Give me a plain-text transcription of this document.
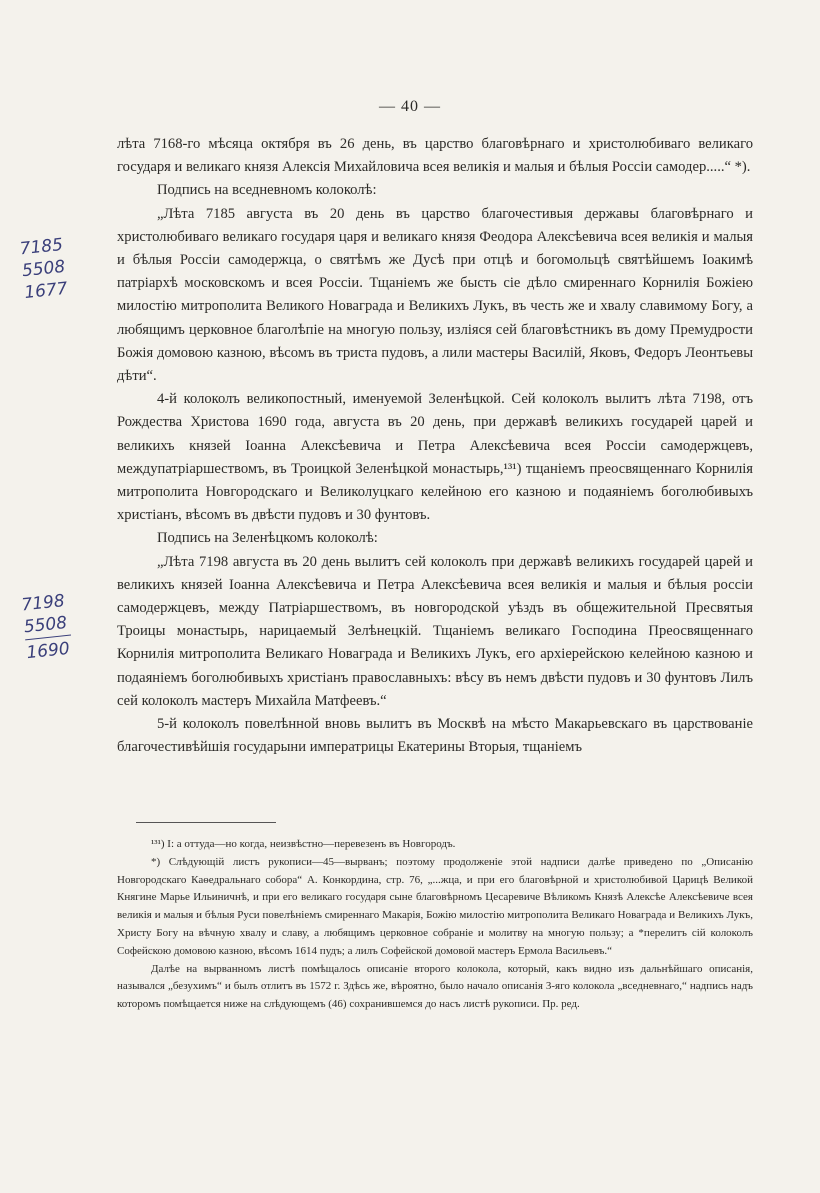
— 40 —
7185
5508
1677
7198
5508
1690

лѣта 7168-го мѣсяца октября въ 26 день, въ царство благовѣрнаго и христолюбиваго великаго государя и великаго князя Алексія Михайловича всея великія и малыя и бѣлыя Россіи самодер.....“ *).

Подпись на вседневномъ колоколѣ:

„Лѣта 7185 августа въ 20 день въ царство благочестивыя державы благовѣрнаго и христолюбиваго великаго государя царя и великаго князя Феодора Алексѣевича всея великія и малыя и бѣлыя Россіи самодержца, о святѣмъ же Дусѣ при отцѣ и богомольцѣ святѣйшемъ Іоакимѣ патріархѣ московскомъ и всея Россіи. Тщаніемъ же бысть сіе дѣло смиреннаго Корнилія Божіею милостію митрополита Великого Новаграда и Великихъ Лукъ, въ честь же и хвалу славимому Богу, а любящимъ церковное благолѣпіе на многую пользу, изліяся сей благовѣстникъ въ дому Премудрости Божія домовою казною, вѣсомъ въ триста пудовъ, а лили мастеры Василій, Яковъ, Федоръ Леонтьевы дѣти“.

4-й колоколъ великопостный, именуемой Зеленѣцкой. Сей колоколъ вылитъ лѣта 7198, отъ Рождества Христова 1690 года, августа въ 20 день, при державѣ великихъ государей царей и великихъ князей Іоанна Алексѣевича и Петра Алексѣевича всея Россіи самодержцевъ, междупатріаршествомъ, въ Троицкой Зеленѣцкой монастырь,¹³¹) тщаніемъ преосвященнаго Корнилія митрополита Новгородскаго и Великолуцкаго келейною его казною и подаяніемъ боголюбивыхъ христіанъ, вѣсомъ въ двѣсти пудовъ и 30 фунтовъ.

Подпись на Зеленѣцкомъ колоколѣ:

„Лѣта 7198 августа въ 20 день вылитъ сей колоколъ при державѣ великихъ государей царей и великихъ князей Іоанна Алексѣевича и Петра Алексѣевича всея великія и малыя и бѣлыя россіи самодержцевъ, между Патріаршествомъ, въ новгородской уѣздъ въ общежительной Пресвятыя Троицы монастырь, нарицаемый Зелѣнецкій. Тщаніемъ великаго Господина Преосвященнаго Корнилія митрополита Великаго Новаграда и Великихъ Лукъ, его архіерейскою келейною казною и подаяніемъ боголюбивыхъ христіанъ православныхъ: вѣсу въ немъ двѣсти пудовъ и 30 фунтовъ Лилъ сей колоколъ мастеръ Михайла Матфеевъ.“

5-й колоколъ повелѣнной вновь вылитъ въ Москвѣ на мѣсто Макарьевскаго въ царствованіе благочестивѣйшія государыни императрицы Екатерины Вторыя, тщаніемъ

¹³¹) І: а оттуда—но когда, неизвѣстно—перевезенъ въ Новгородъ.

*) Слѣдующій листъ рукописи—45—вырванъ; поэтому продолженіе этой надписи далѣе приведено по „Описанію Новгородскаго Каѳедральнаго собора“ А. Конкордина, стр. 76, „...жца, и при его благовѣрной и христолюбивой Царицѣ Великой Княгине Марье Ильиничнѣ, и при его великаго государя сыне благовѣрномъ Цесаревиче Вѣликомъ Князѣ Алексѣе Алексѣевиче всея великія и малыя и бѣлыя Руси повелѣніемъ смиреннаго Макарія, Божію милостію митрополита Великаго Новаграда и Великихъ Лукъ, Христу Богу на вѣчную хвалу и славу, а любящимъ церковное собраніе и молитву на многую пользу; а *перелитъ сій колоколъ Софейскою домовою казною, вѣсомъ 1614 пудъ; а лилъ Софейской домовой мастеръ Ермола Васильевъ.“

Далѣе на вырванномъ листѣ помѣщалось описаніе второго колокола, который, какъ видно изъ дальнѣйшаго описанія, назывался „безухимъ“ и былъ отлитъ въ 1572 г. Здѣсь же, вѣроятно, было начало описанія 3-яго колокола „вседневнаго,“ надпись надъ которомъ помѣщается ниже на слѣдующемъ (46) сохранившемся до насъ листѣ рукописи. Пр. ред.
